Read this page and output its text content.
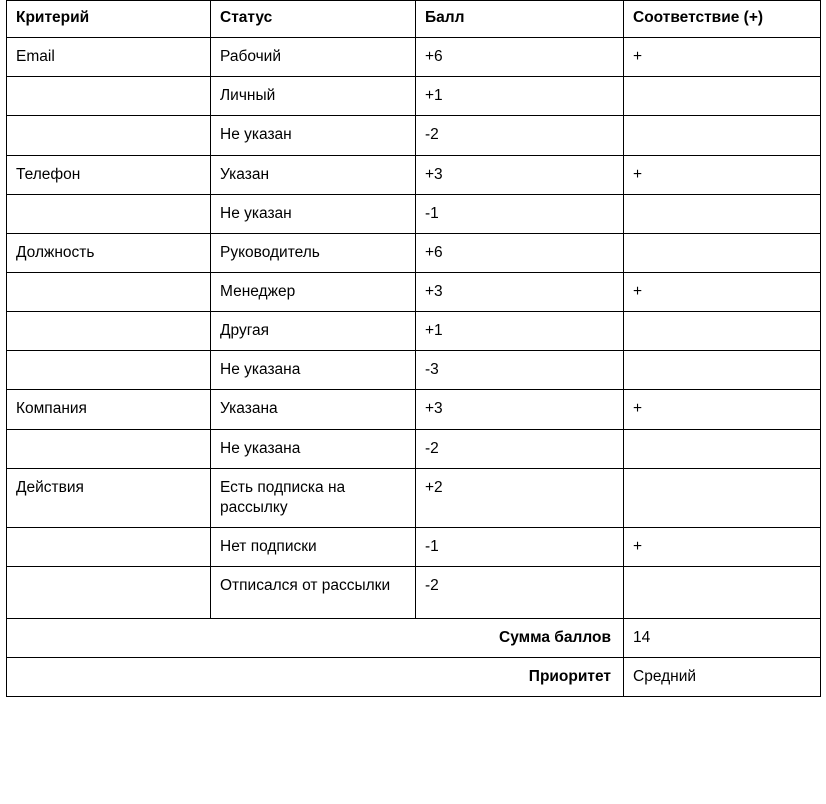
Критерий	Статус	Балл	Соответствие (+)
Email	Рабочий	+6	+
	Личный	+1	
	Не указан	-2	
Телефон	Указан	+3	+
	Не указан	-1	
Должность	Руководитель	+6	
	Менеджер	+3	+
	Другая	+1	
	Не указана	-3	
Компания	Указана	+3	+
	Не указана	-2	
Действия	Есть подписка на рассылку	+2	
	Нет подписки	-1	+
	Отписался от рассылки	-2	
Сумма баллов			14
Приоритет			Средний
